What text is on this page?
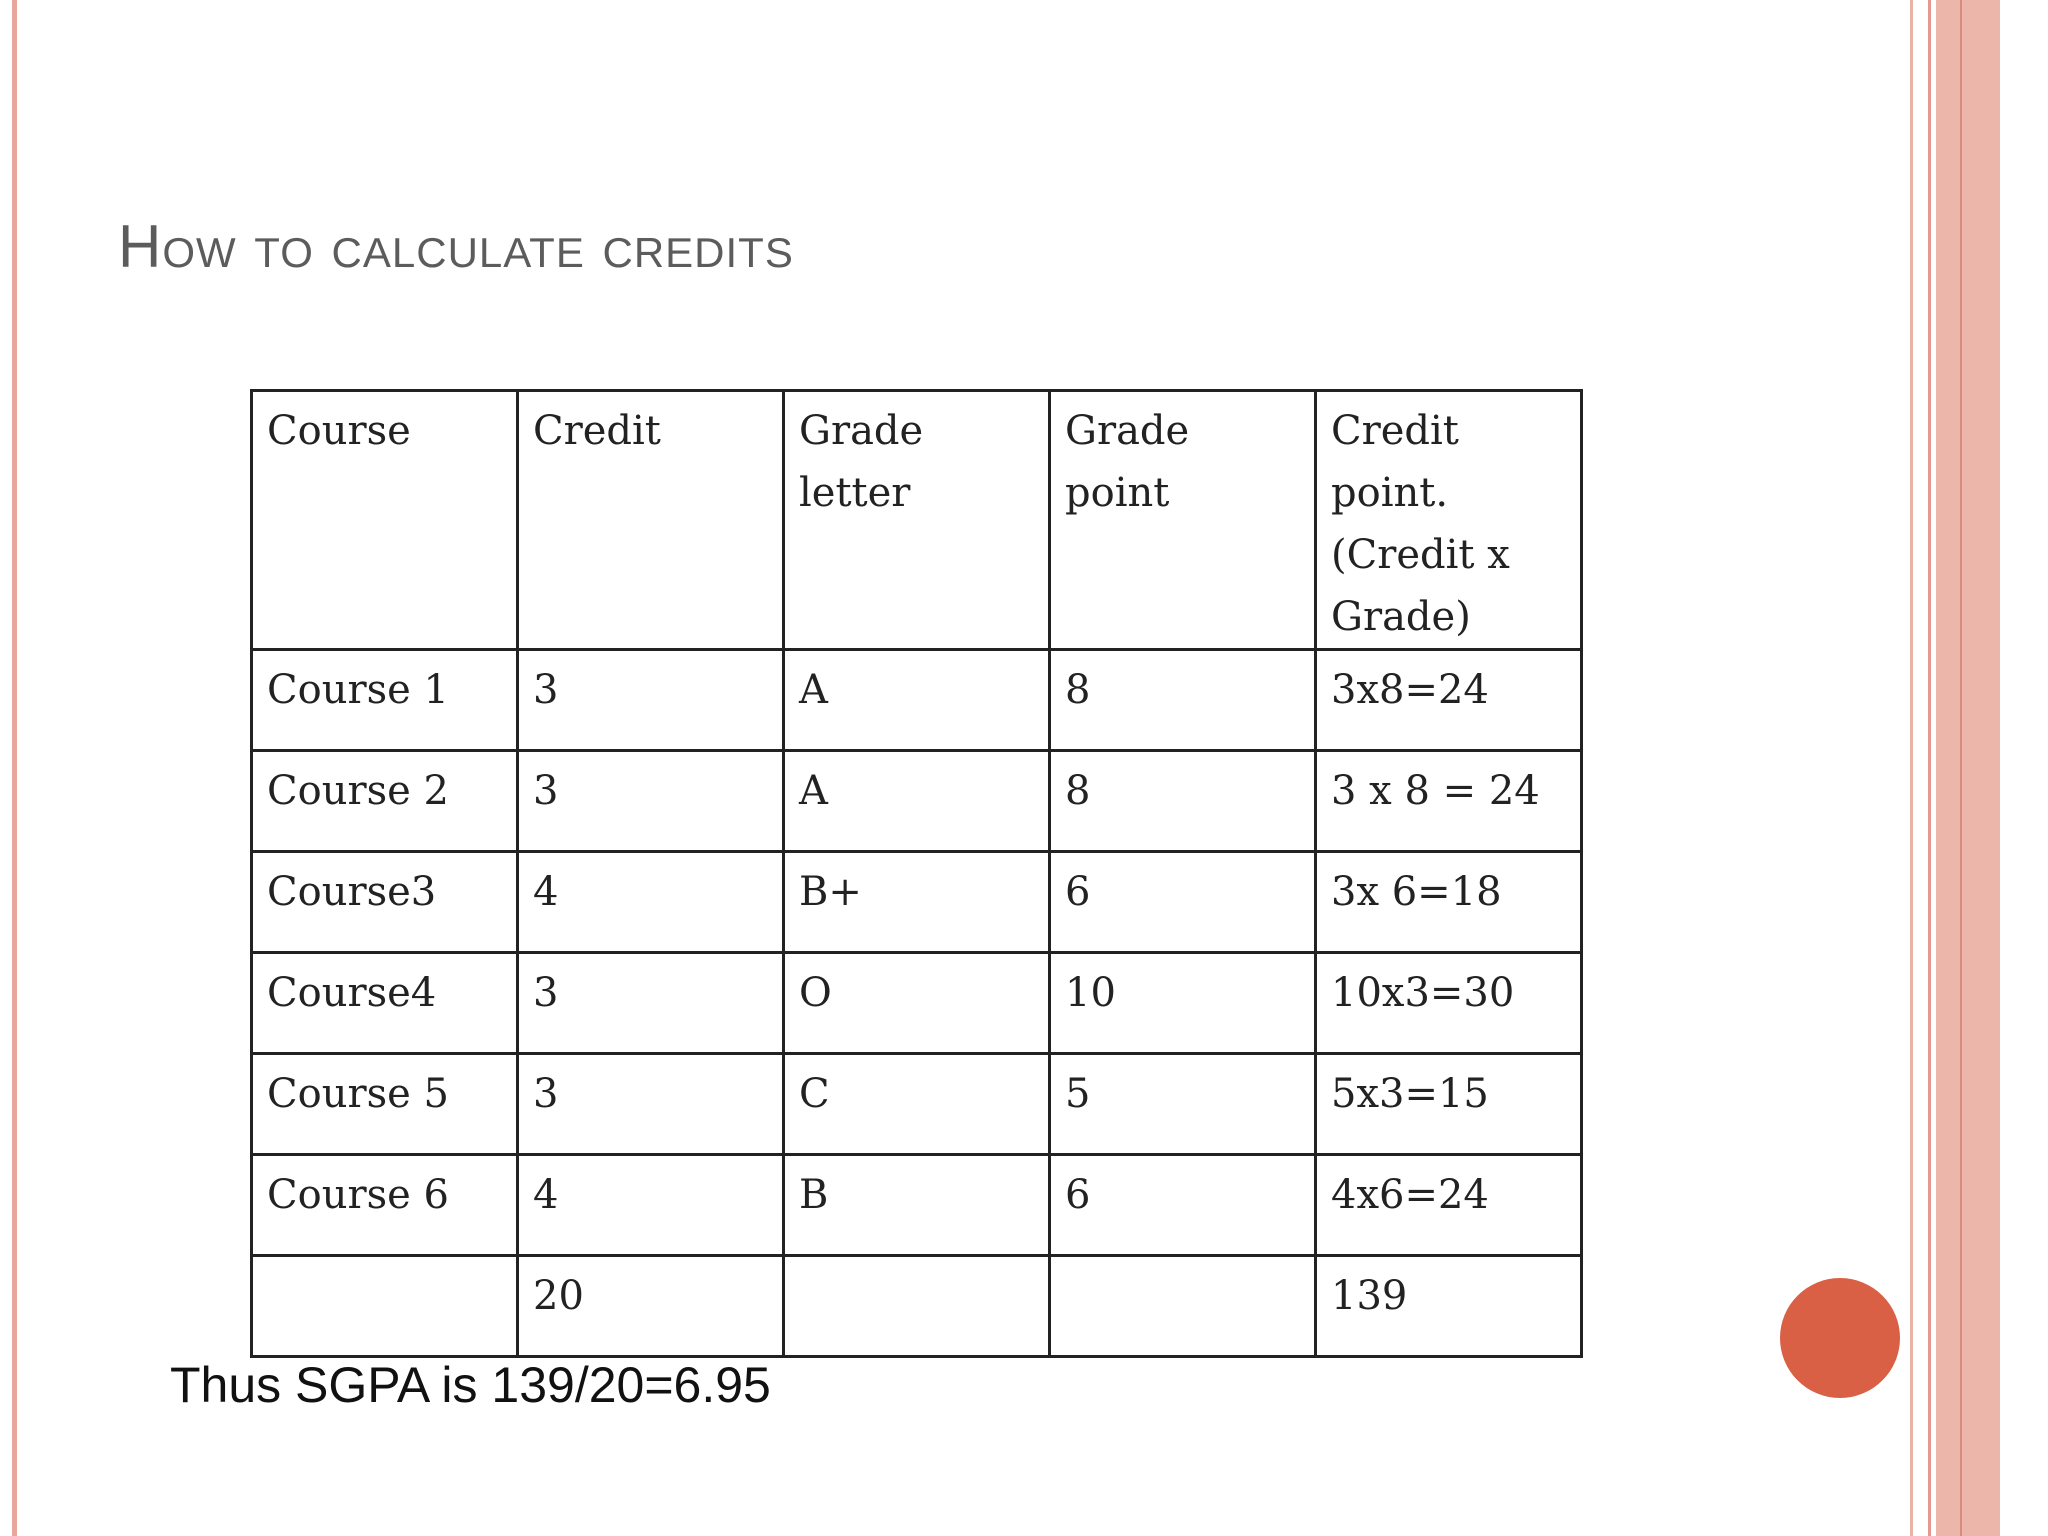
How to calculate credits
Course	Credit	Grade letter	Grade point	Credit point. (Credit x Grade)
Course 1	3	A	8	3x8=24
Course 2	3	A	8	3 x 8 = 24
Course3	4	B+	6	3x 6=18
Course4	3	O	10	10x3=30
Course 5	3	C	5	5x3=15
Course 6	4	B	6	4x6=24
	20			139
Thus SGPA is 139/20=6.95
